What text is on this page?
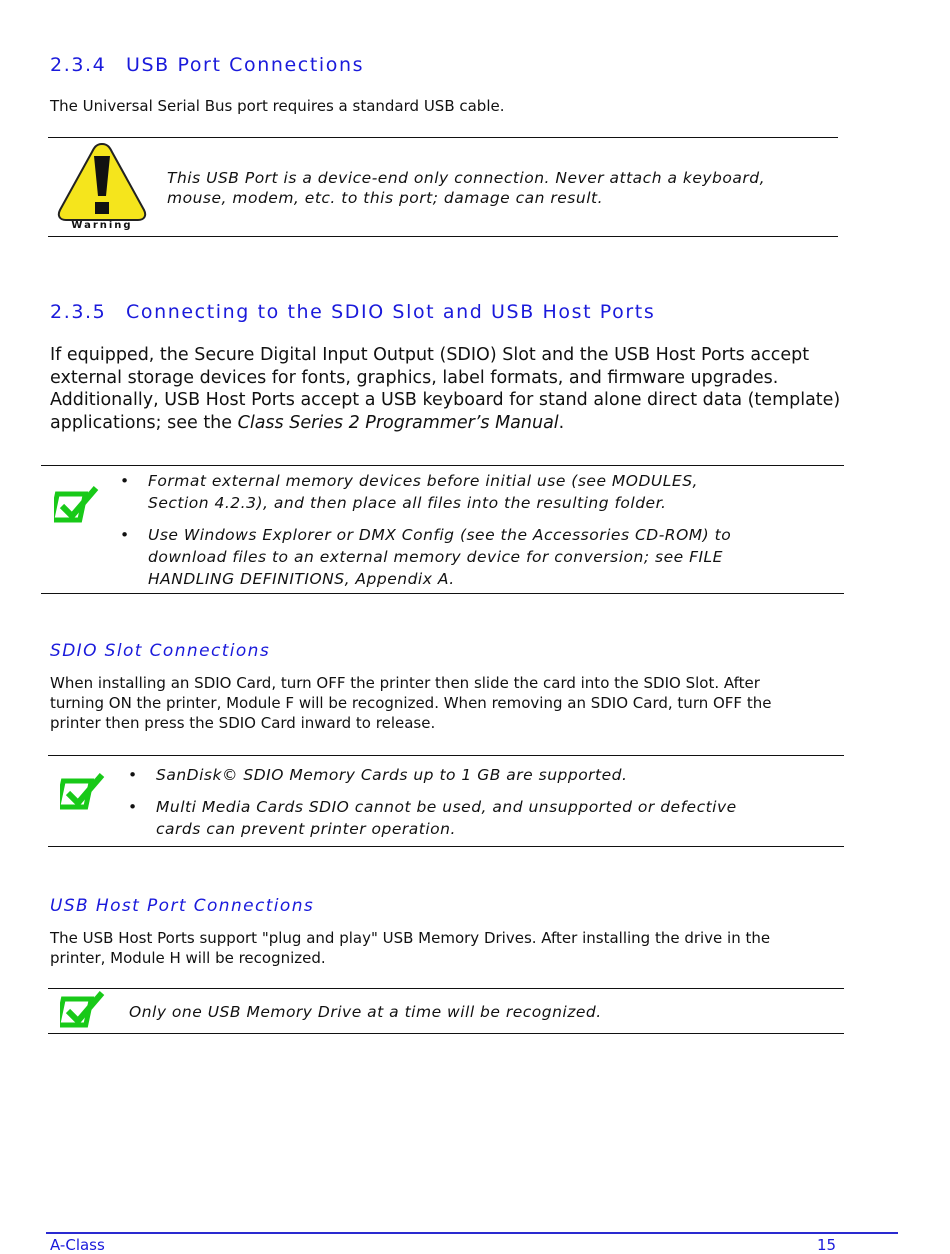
2.3.4 USB Port Connections
The Universal Serial Bus port requires a standard USB cable.
Warning
This USB Port is a device-end only connection. Never attach a keyboard,
mouse, modem, etc. to this port; damage can result.
2.3.5 Connecting to the SDIO Slot and USB Host Ports
If equipped, the Secure Digital Input Output (SDIO) Slot and the USB Host Ports accept
external storage devices for fonts, graphics, label formats, and firmware upgrades.
Additionally, USB Host Ports accept a USB keyboard for stand alone direct data (template)
applications; see the Class Series 2 Programmer’s Manual.
• Format external memory devices before initial use (see MODULES,
Section 4.2.3), and then place all files into the resulting folder.
• Use Windows Explorer or DMX Config (see the Accessories CD-ROM) to
download files to an external memory device for conversion; see FILE
HANDLING DEFINITIONS, Appendix A.
SDIO Slot Connections
When installing an SDIO Card, turn OFF the printer then slide the card into the SDIO Slot. After
turning ON the printer, Module F will be recognized. When removing an SDIO Card, turn OFF the
printer then press the SDIO Card inward to release.
• SanDisk© SDIO Memory Cards up to 1 GB are supported.
• Multi Media Cards SDIO cannot be used, and unsupported or defective
cards can prevent printer operation.
USB Host Port Connections
The USB Host Ports support "plug and play" USB Memory Drives. After installing the drive in the
printer, Module H will be recognized.
Only one USB Memory Drive at a time will be recognized.
A-Class	15
